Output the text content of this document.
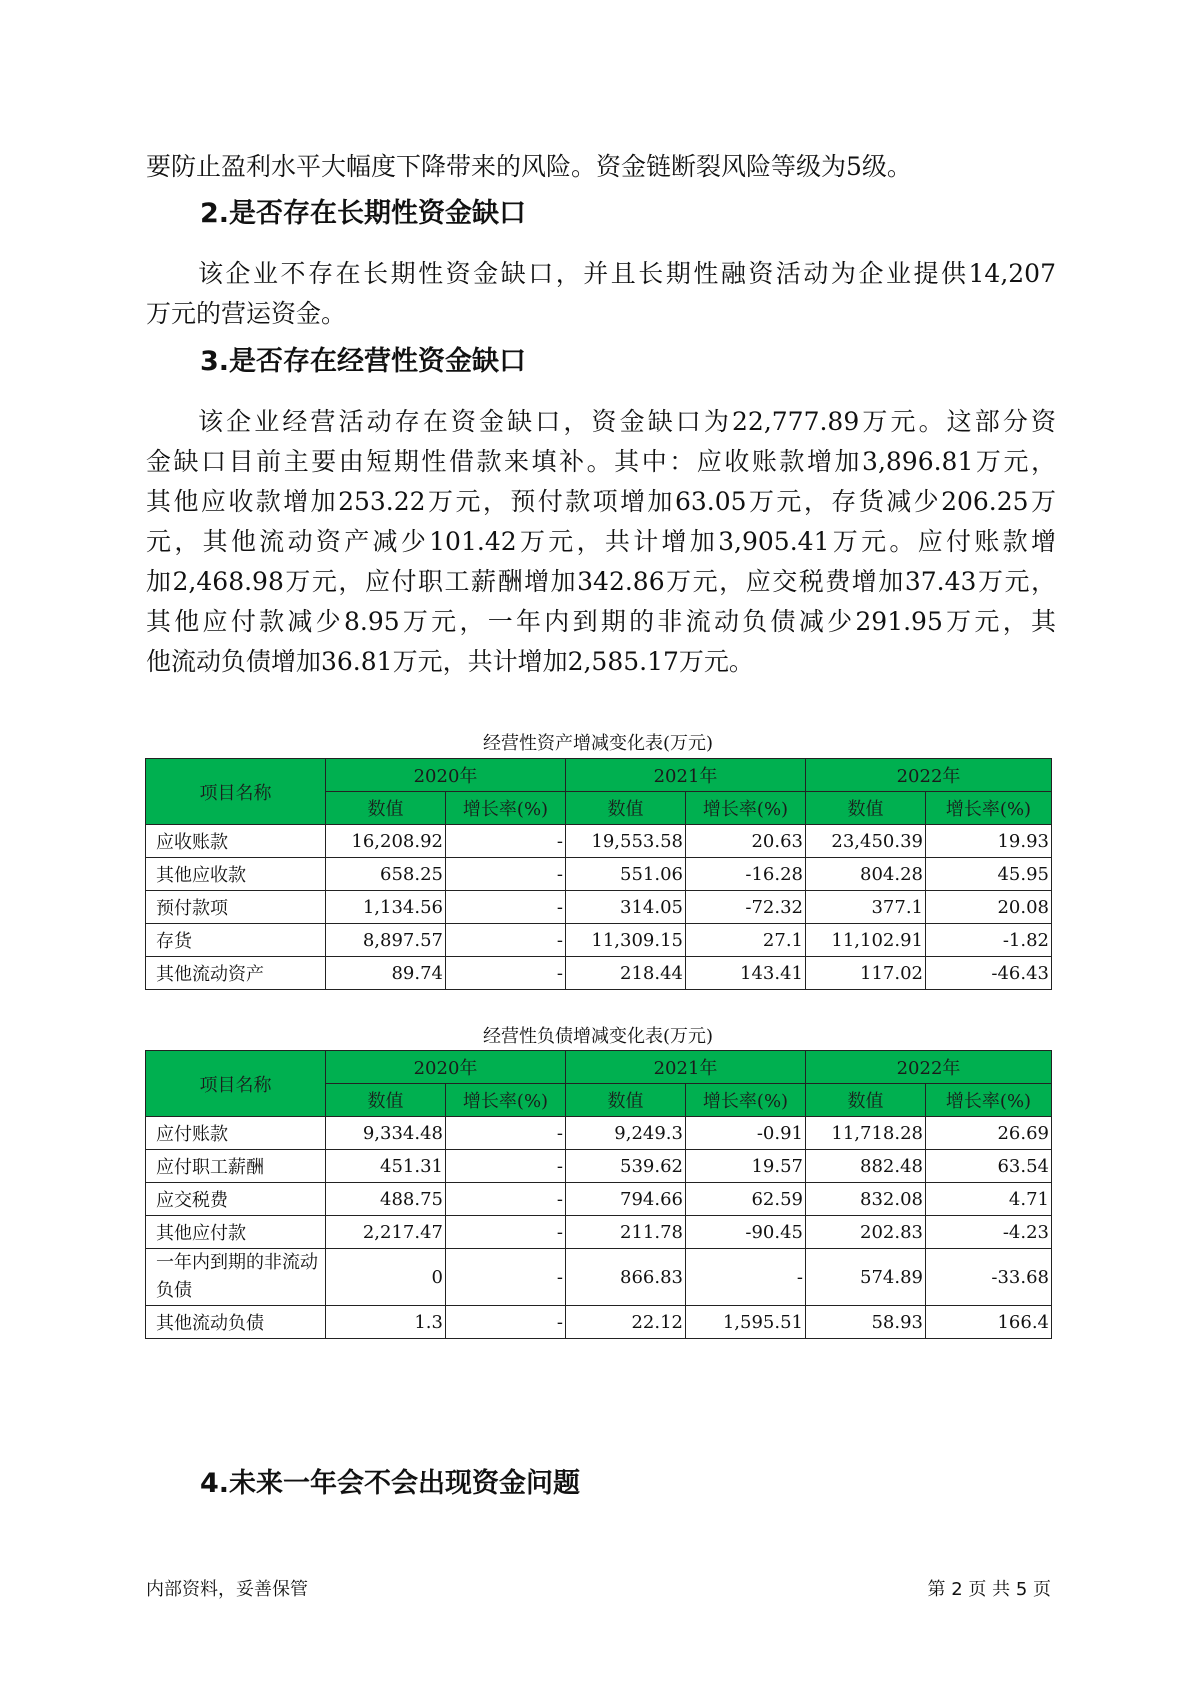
要防止盈利水平大幅度下降带来的风险。资金链断裂风险等级为5级。
2.是否存在长期性资金缺口
该企业不存在长期性资金缺口，并且长期性融资活动为企业提供14,207
万元的营运资金。
3.是否存在经营性资金缺口
该企业经营活动存在资金缺口，资金缺口为22,777.89万元。这部分资
金缺口目前主要由短期性借款来填补。其中：应收账款增加3,896.81万元，
其他应收款增加253.22万元，预付款项增加63.05万元，存货减少206.25万
元，其他流动资产减少101.42万元，共计增加3,905.41万元。应付账款增
加2,468.98万元，应付职工薪酬增加342.86万元，应交税费增加37.43万元，
其他应付款减少8.95万元，一年内到期的非流动负债减少291.95万元，其
他流动负债增加36.81万元，共计增加2,585.17万元。
经营性资产增减变化表(万元)
项目名称	2020年		2021年		2022年	
	数值	增长率(%)	数值	增长率(%)	数值	增长率(%)
应收账款	16,208.92	-	19,553.58	20.63	23,450.39	19.93
其他应收款	658.25	-	551.06	-16.28	804.28	45.95
预付款项	1,134.56	-	314.05	-72.32	377.1	20.08
存货	8,897.57	-	11,309.15	27.1	11,102.91	-1.82
其他流动资产	89.74	-	218.44	143.41	117.02	-46.43
经营性负债增减变化表(万元)
项目名称	2020年		2021年		2022年	
	数值	增长率(%)	数值	增长率(%)	数值	增长率(%)
应付账款	9,334.48	-	9,249.3	-0.91	11,718.28	26.69
应付职工薪酬	451.31	-	539.62	19.57	882.48	63.54
应交税费	488.75	-	794.66	62.59	832.08	4.71
其他应付款	2,217.47	-	211.78	-90.45	202.83	-4.23
一年内到期的非流动负债	0	-	866.83	-	574.89	-33.68
其他流动负债	1.3	-	22.12	1,595.51	58.93	166.4
4.未来一年会不会出现资金问题
内部资料，妥善保管	第 2 页 共 5 页
